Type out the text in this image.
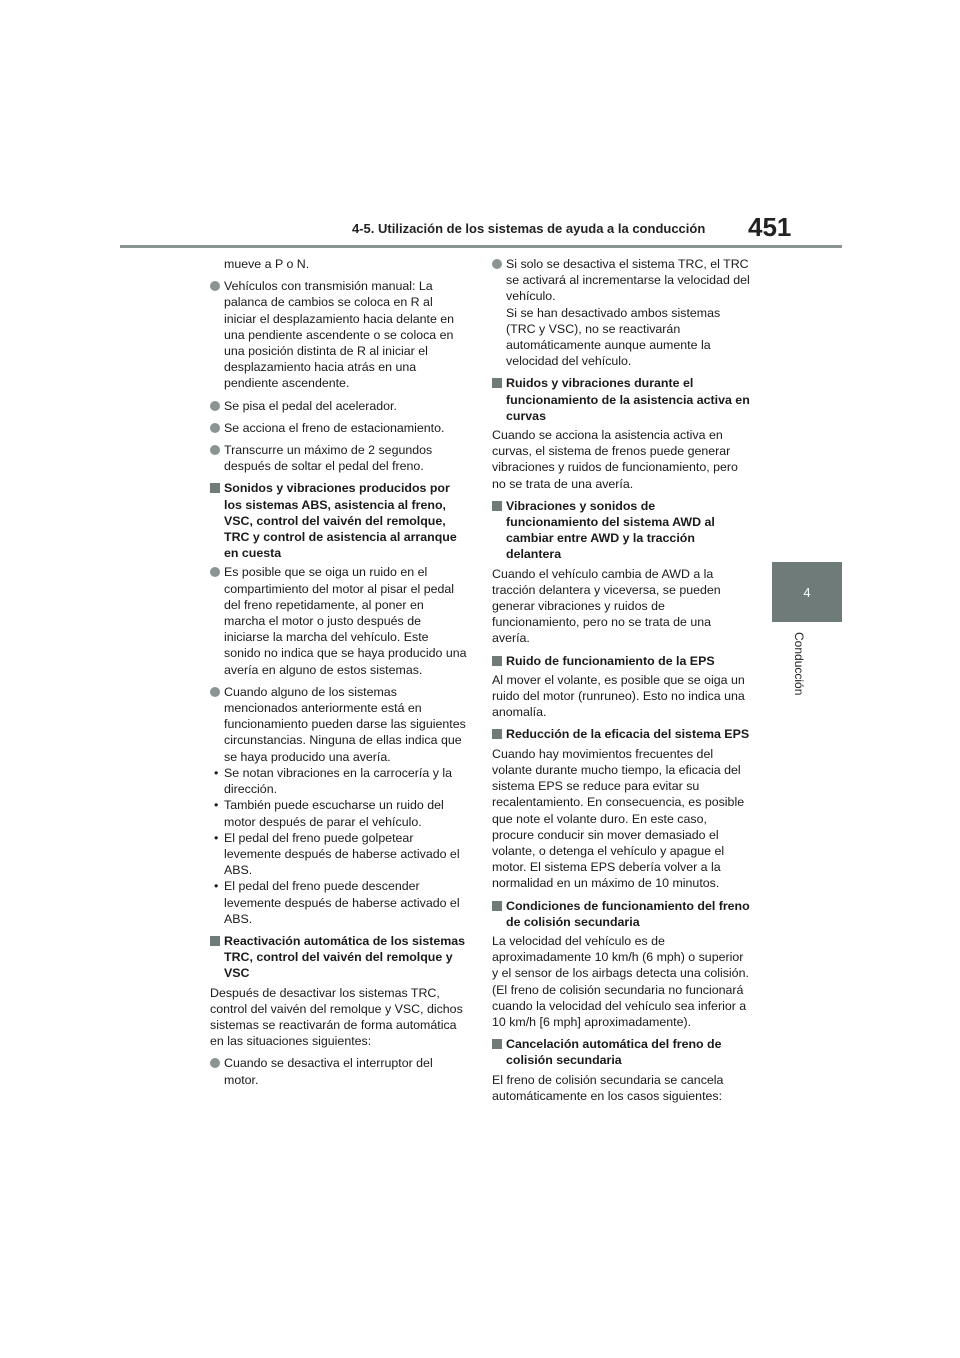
4-5. Utilización de los sistemas de ayuda a la conducción 451
4
Conducción

mueve a P o N.

Vehículos con transmisión manual: La palanca de cambios se coloca en R al iniciar el desplazamiento hacia delante en una pendiente ascendente o se coloca en una posición distinta de R al iniciar el desplazamiento hacia atrás en una pendiente ascendente.
Se pisa el pedal del acelerador.
Se acciona el freno de estacionamiento.
Transcurre un máximo de 2 segundos después de soltar el pedal del freno.
Sonidos y vibraciones producidos por los sistemas ABS, asistencia al freno, VSC, control del vaivén del remolque, TRC y control de asistencia al arranque en cuesta
Es posible que se oiga un ruido en el compartimiento del motor al pisar el pedal del freno repetidamente, al poner en marcha el motor o justo después de iniciarse la marcha del vehículo. Este sonido no indica que se haya producido una avería en alguno de estos sistemas.
Cuando alguno de los sistemas mencionados anteriormente está en funcionamiento pueden darse las siguientes circunstancias. Ninguna de ellas indica que se haya producido una avería.
• Se notan vibraciones en la carrocería y la dirección.
• También puede escucharse un ruido del motor después de parar el vehículo.
• El pedal del freno puede golpetear levemente después de haberse activado el ABS.
• El pedal del freno puede descender levemente después de haberse activado el ABS.
Reactivación automática de los sistemas TRC, control del vaivén del remolque y VSC

Después de desactivar los sistemas TRC, control del vaivén del remolque y VSC, dichos sistemas se reactivarán de forma automática en las situaciones siguientes:

Cuando se desactiva el interruptor del motor.
Si solo se desactiva el sistema TRC, el TRC se activará al incrementarse la velocidad del vehículo.
Si se han desactivado ambos sistemas (TRC y VSC), no se reactivarán automáticamente aunque aumente la velocidad del vehículo.
Ruidos y vibraciones durante el funcionamiento de la asistencia activa en curvas

Cuando se acciona la asistencia activa en curvas, el sistema de frenos puede generar vibraciones y ruidos de funcionamiento, pero no se trata de una avería.

Vibraciones y sonidos de funcionamiento del sistema AWD al cambiar entre AWD y la tracción delantera

Cuando el vehículo cambia de AWD a la tracción delantera y viceversa, se pueden generar vibraciones y ruidos de funcionamiento, pero no se trata de una avería.

Ruido de funcionamiento de la EPS

Al mover el volante, es posible que se oiga un ruido del motor (runruneo). Esto no indica una anomalía.

Reducción de la eficacia del sistema EPS

Cuando hay movimientos frecuentes del volante durante mucho tiempo, la eficacia del sistema EPS se reduce para evitar su recalentamiento. En consecuencia, es posible que note el volante duro. En este caso, procure conducir sin mover demasiado el volante, o detenga el vehículo y apague el motor. El sistema EPS debería volver a la normalidad en un máximo de 10 minutos.

Condiciones de funcionamiento del freno de colisión secundaria

La velocidad del vehículo es de aproximadamente 10 km/h (6 mph) o superior y el sensor de los airbags detecta una colisión. (El freno de colisión secundaria no funcionará cuando la velocidad del vehículo sea inferior a 10 km/h [6 mph] aproximadamente).

Cancelación automática del freno de colisión secundaria

El freno de colisión secundaria se cancela automáticamente en los casos siguientes:
